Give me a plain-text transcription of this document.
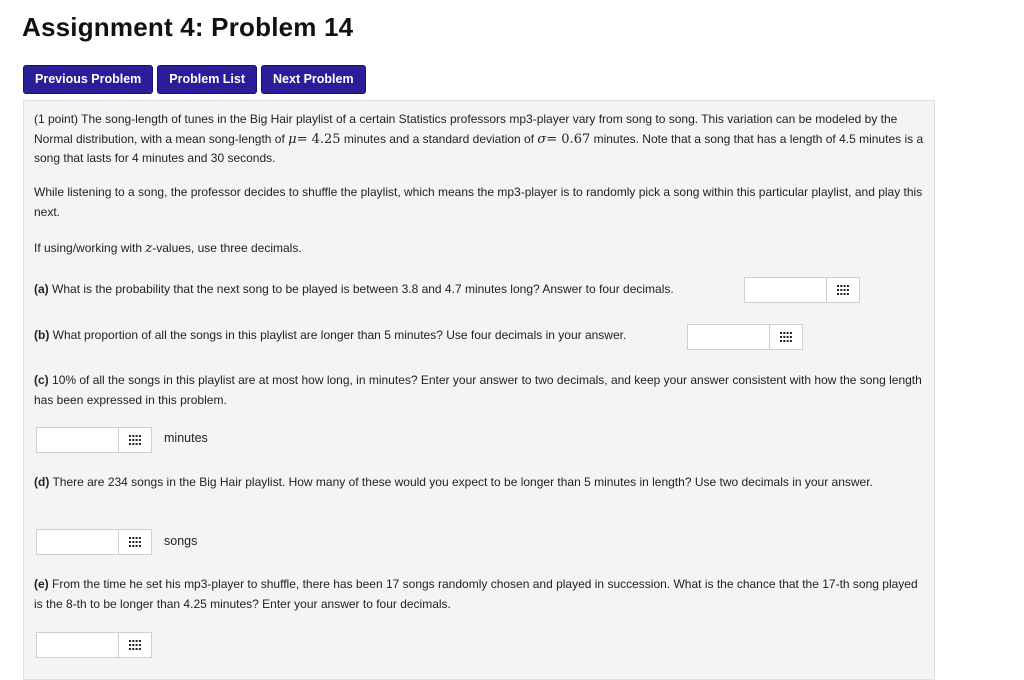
Assignment 4: Problem 14
Previous Problem	Problem List	Next Problem
(1 point) The song-length of tunes in the Big Hair playlist of a certain Statistics professors mp3-player vary from song to song. This variation can be modeled by the Normal distribution, with a mean song-length of μ= 4.25 minutes and a standard deviation of σ= 0.67 minutes. Note that a song that has a length of 4.5 minutes is a song that lasts for 4 minutes and 30 seconds.
While listening to a song, the professor decides to shuffle the playlist, which means the mp3-player is to randomly pick a song within this particular playlist, and play this next.
If using/working with z-values, use three decimals.
(a) What is the probability that the next song to be played is between 3.8 and 4.7 minutes long? Answer to four decimals.
(b) What proportion of all the songs in this playlist are longer than 5 minutes? Use four decimals in your answer.
(c) 10% of all the songs in this playlist are at most how long, in minutes? Enter your answer to two decimals, and keep your answer consistent with how the song length has been expressed in this problem.
minutes
(d) There are 234 songs in the Big Hair playlist. How many of these would you expect to be longer than 5 minutes in length? Use two decimals in your answer.
songs
(e) From the time he set his mp3-player to shuffle, there has been 17 songs randomly chosen and played in succession. What is the chance that the 17-th song played is the 8-th to be longer than 4.25 minutes? Enter your answer to four decimals.
